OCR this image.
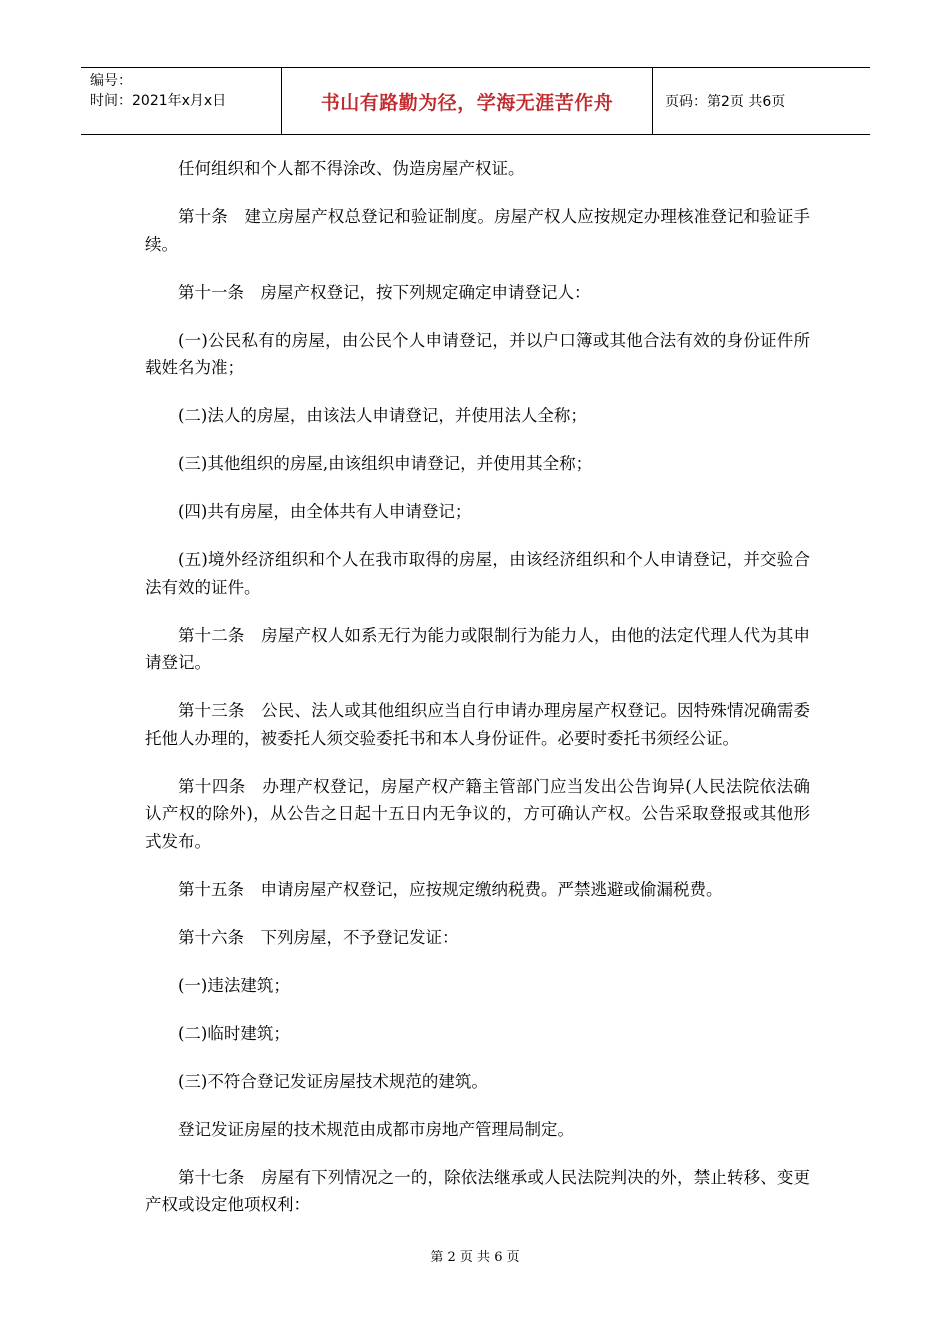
编号：
时间：2021年x月x日	书山有路勤为径，学海无涯苦作舟	页码：第2页 共6页

任何组织和个人都不得涂改、伪造房屋产权证。

第十条　建立房屋产权总登记和验证制度。房屋产权人应按规定办理核准登记和验证手续。

第十一条　房屋产权登记，按下列规定确定申请登记人：

(一)公民私有的房屋，由公民个人申请登记，并以户口簿或其他合法有效的身份证件所载姓名为准；

(二)法人的房屋，由该法人申请登记，并使用法人全称；

(三)其他组织的房屋,由该组织申请登记，并使用其全称；

(四)共有房屋，由全体共有人申请登记；

(五)境外经济组织和个人在我市取得的房屋，由该经济组织和个人申请登记，并交验合法有效的证件。

第十二条　房屋产权人如系无行为能力或限制行为能力人，由他的法定代理人代为其申请登记。

第十三条　公民、法人或其他组织应当自行申请办理房屋产权登记。因特殊情况确需委托他人办理的，被委托人须交验委托书和本人身份证件。必要时委托书须经公证。

第十四条　办理产权登记，房屋产权产籍主管部门应当发出公告询异(人民法院依法确认产权的除外)，从公告之日起十五日内无争议的，方可确认产权。公告采取登报或其他形式发布。

第十五条　申请房屋产权登记，应按规定缴纳税费。严禁逃避或偷漏税费。

第十六条　下列房屋，不予登记发证：

(一)违法建筑；

(二)临时建筑；

(三)不符合登记发证房屋技术规范的建筑。

登记发证房屋的技术规范由成都市房地产管理局制定。

第十七条　房屋有下列情况之一的，除依法继承或人民法院判决的外，禁止转移、变更产权或设定他项权利：

第 2 页 共 6 页
